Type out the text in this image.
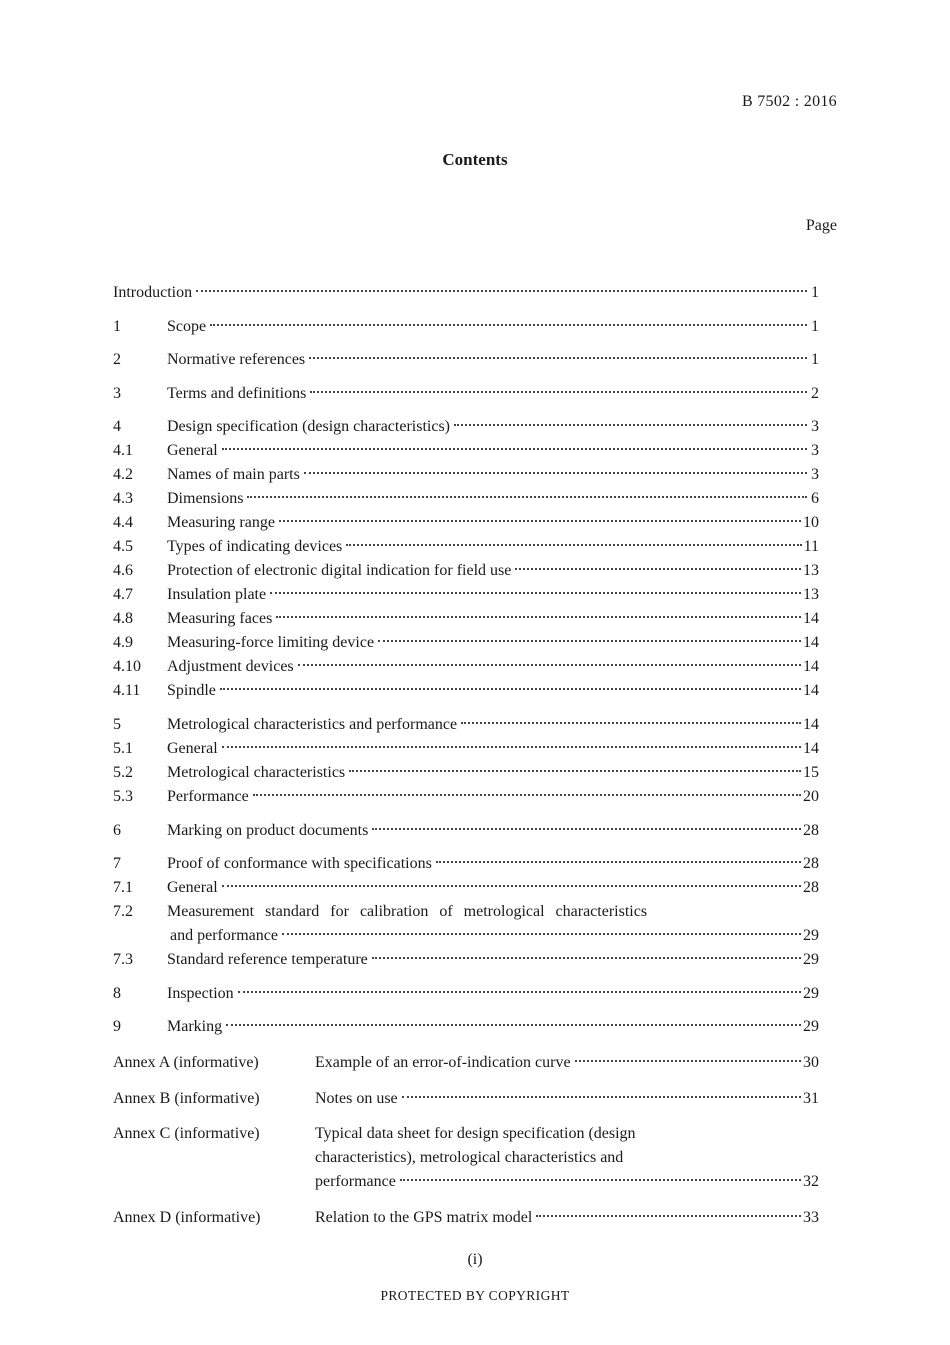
B 7502 : 2016
Contents
Page
Introduction	1
1	Scope	1
2	Normative references	1
3	Terms and definitions	2
4	Design specification (design characteristics)	3
4.1	General	3
4.2	Names of main parts	3
4.3	Dimensions	6
4.4	Measuring range	10
4.5	Types of indicating devices	11
4.6	Protection of electronic digital indication for field use	13
4.7	Insulation plate	13
4.8	Measuring faces	14
4.9	Measuring-force limiting device	14
4.10	Adjustment devices	14
4.11	Spindle	14
5	Metrological characteristics and performance	14
5.1	General	14
5.2	Metrological characteristics	15
5.3	Performance	20
6	Marking on product documents	28
7	Proof of conformance with specifications	28
7.1	General	28
7.2	Measurement standard for calibration of metrological characteristics
and performance	29
7.3	Standard reference temperature	29
8	Inspection	29
9	Marking	29
Annex A (informative)	Example of an error-of-indication curve	30
Annex B (informative)	Notes on use	31
Annex C (informative)	Typical data sheet for design specification (design
characteristics), metrological characteristics and
performance	32
Annex D (informative)	Relation to the GPS matrix model	33
(i)
PROTECTED BY COPYRIGHT
